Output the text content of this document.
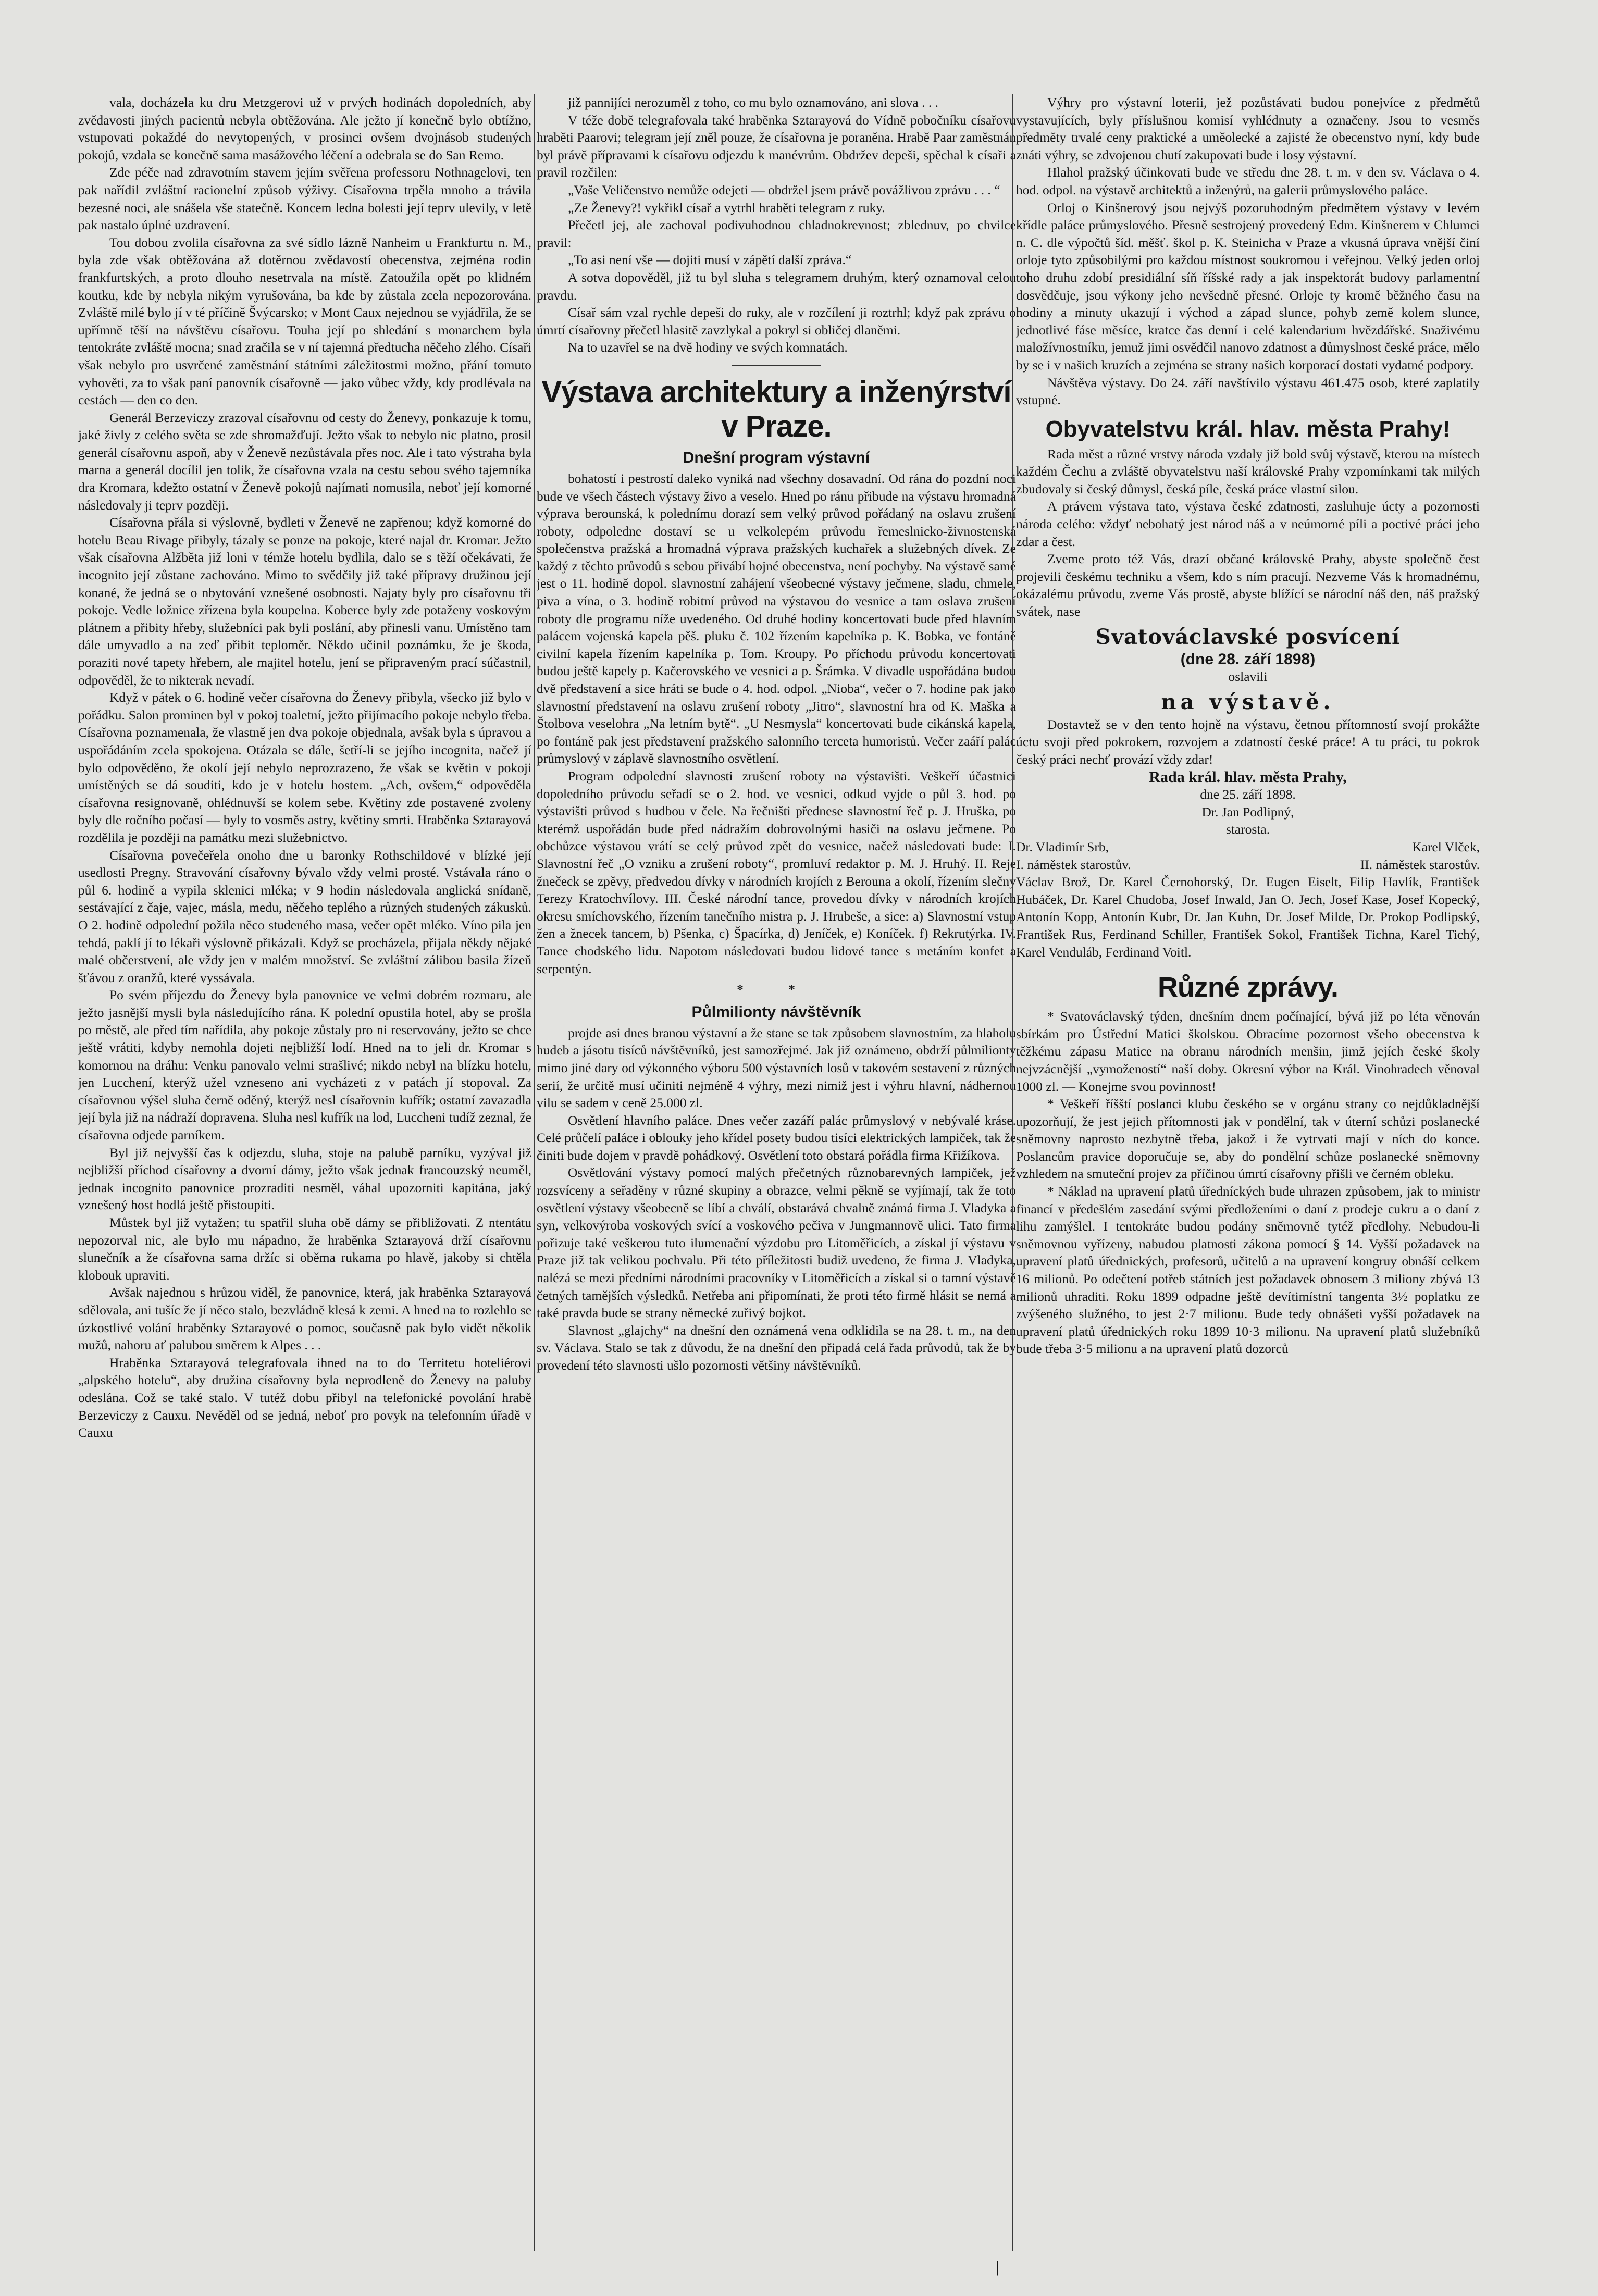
vala, docházela ku dru Metzgerovi už v prvých hodinách dopoledních, aby zvědavosti jiných pacientů nebyla obtěžována. Ale ježto jí konečně bylo obtížno, vstupovati pokaždé do nevytopených, v prosinci ovšem dvojnásob studených pokojů, vzdala se konečně sama masážového léčení a odebrala se do San Remo.

Zde péče nad zdravotním stavem jejím svěřena professoru Nothnagelovi, ten pak nařídil zvláštní racionelní způsob výživy. Císařovna trpěla mnoho a trávila bezesné noci, ale snášela vše statečně. Koncem ledna bolesti její teprv ulevily, v letě pak nastalo úplné uzdravení.

Tou dobou zvolila císařovna za své sídlo lázně Nanheim u Frankfurtu n. M., byla zde však obtěžována až dotěrnou zvědavostí obecenstva, zejména rodin frankfurtských, a proto dlouho nesetrvala na místě. Zatoužila opět po klidném koutku, kde by nebyla nikým vyrušována, ba kde by zůstala zcela nepozorována. Zvláště milé bylo jí v té příčině Švýcarsko; v Mont Caux nejednou se vyjádřila, že se upřímně těší na návštěvu císařovu. Touha její po shledání s monarchem byla tentokráte zvláště mocna; snad zračila se v ní tajemná předtucha něčeho zlého. Císaři však nebylo pro usvrčené zaměstnání státními záležitostmi možno, přání tomuto vyhověti, za to však paní panovník císařovně — jako vůbec vždy, kdy prodlévala na cestách — den co den.

Generál Berzeviczy zrazoval císařovnu od cesty do Ženevy, ponkazuje k tomu, jaké živly z celého světa se zde shromažďují. Ježto však to nebylo nic platno, prosil generál císařovnu aspoň, aby v Ženevě nezůstávala přes noc. Ale i tato výstraha byla marna a generál docílil jen tolik, že císařovna vzala na cestu sebou svého tajemníka dra Kromara, kdežto ostatní v Ženevě pokojů najímati nomusila, neboť její komorné následovaly ji teprv později.

Císařovna přála si výslovně, bydleti v Ženevě ne zapřenou; když komorné do hotelu Beau Rivage přibyly, tázaly se ponze na pokoje, které najal dr. Kromar. Ježto však císařovna Alžběta již loni v témže hotelu bydlila, dalo se s těží očekávati, že incognito její zůstane zachováno. Mimo to svědčily již také přípravy družinou její konané, že jedná se o nbytování vznešené osobnosti. Najaty byly pro císařovnu tři pokoje. Vedle ložnice zřízena byla koupelna. Koberce byly zde potaženy voskovým plátnem a přibity hřeby, služebníci pak byli poslání, aby přinesli vanu. Umístěno tam dále umyvadlo a na zeď přibit teploměr. Někdo učinil poznámku, že je škoda, poraziti nové tapety hřebem, ale majitel hotelu, jení se připraveným prací súčastnil, odpověděl, že to nikterak nevadí.

Když v pátek o 6. hodině večer císařovna do Ženevy přibyla, všecko již bylo v pořádku. Salon prominen byl v pokoj toaletní, ježto přijímacího pokoje nebylo třeba. Císařovna poznamenala, že vlastně jen dva pokoje objednala, avšak byla s úpravou a uspořádáním zcela spokojena. Otázala se dále, šetří-li se jejího incognita, načež jí bylo odpověděno, že okolí její nebylo neprozrazeno, že však se květin v pokoji umístěných se dá souditi, kdo je v hotelu hostem. „Ach, ovšem,“ odpověděla císařovna resignovaně, ohlédnuvší se kolem sebe. Květiny zde postavené zvoleny byly dle ročního počasí — byly to vosměs astry, květiny smrti. Hraběnka Sztarayová rozdělila je později na památku mezi služebnictvo.

Císařovna povečeřela onoho dne u baronky Rothschildové v blízké její usedlosti Pregny. Stravování císařovny bývalo vždy velmi prosté. Vstávala ráno o půl 6. hodině a vypila sklenici mléka; v 9 hodin následovala anglická snídaně, sestávající z čaje, vajec, másla, medu, něčeho teplého a různých studených zákusků. O 2. hodině odpolední požila něco studeného masa, večer opět mléko. Víno pila jen tehdá, paklí jí to lékaři výslovně přikázali. Když se procházela, přijala někdy nějaké malé občerstvení, ale vždy jen v malém množství. Se zvláštní zálibou basila žízeň šťávou z oranžů, které vyssávala.

Po svém příjezdu do Ženevy byla panovnice ve velmi dobrém rozmaru, ale ježto jasnější mysli byla následujícího rána. K polední opustila hotel, aby se prošla po městě, ale před tím nařídila, aby pokoje zůstaly pro ni reservovány, ježto se chce ještě vrátiti, kdyby nemohla dojeti nejbližší lodí. Hned na to jeli dr. Kromar s komornou na dráhu: Venku panovalo velmi strašlivé; nikdo nebyl na blízku hotelu, jen Lucchení, kterýž užel vzneseno ani vycházeti z v patách jí stopoval. Za císařovnou výšel sluha černě oděný, kterýž nesl císařovnin kufřík; ostatní zavazadla její byla již na nádraží dopravena. Sluha nesl kufřík na lod, Luccheni tudíž zeznal, že císařovna odjede parníkem.

Byl již nejvyšší čas k odjezdu, sluha, stoje na palubě parníku, vyzýval již nejbližší příchod císařovny a dvorní dámy, ježto však jednak francouzský neuměl, jednak incognito panovnice prozraditi nesměl, váhal upozorniti kapitána, jaký vznešený host hodlá ještě přistoupiti.

Můstek byl již vytažen; tu spatřil sluha obě dámy se přibližovati. Z ntentátu nepozorval nic, ale bylo mu nápadno, že hraběnka Sztarayová drží císařovnu slunečník a že císařovna sama držíc si oběma rukama po hlavě, jakoby si chtěla klobouk upraviti.

Avšak najednou s hrůzou viděl, že panovnice, která, jak hraběnka Sztarayová sdělovala, ani tušíc že jí něco stalo, bezvládně klesá k zemi. A hned na to rozlehlo se úzkostlivé volání hraběnky Sztarayové o pomoc, současně pak bylo vidět několik mužů, nahoru ať palubou směrem k Alpes . . .

Hraběnka Sztarayová telegrafovala ihned na to do Territetu hoteliérovi „alpského hotelu“, aby družina císařovny byla neprodleně do Ženevy na paluby odeslána. Což se také stalo. V tutéž dobu přibyl na telefonické povolání hrabě Berzeviczy z Cauxu. Nevěděl od se jedná, neboť pro povyk na telefonním úřadě v Cauxu

již pannijíci nerozuměl z toho, co mu bylo oznamováno, ani slova . . .

V téže době telegrafovala také hraběnka Sztarayová do Vídně pobočníku císařovu hraběti Paarovi; telegram její zněl pouze, že císařovna je poraněna. Hrabě Paar zaměstnán byl právě přípravami k císařovu odjezdu k manévrům. Obdržev depeši, spěchal k císaři a pravil rozčilen:

„Vaše Veličenstvo nemůže odejeti — obdržel jsem právě povážlivou zprávu . . . “

„Ze Ženevy?! vykřikl císař a vytrhl hraběti telegram z ruky.

Přečetl jej, ale zachoval podivuhodnou chladnokrevnost; zblednuv, po chvilce pravil:

„To asi není vše — dojiti musí v zápětí další zpráva.“

A sotva dopověděl, již tu byl sluha s telegramem druhým, který oznamoval celou pravdu.

Císař sám vzal rychle depeši do ruky, ale v rozčílení ji roztrhl; když pak zprávu o úmrtí císařovny přečetl hlasitě zavzlykal a pokryl si obličej dlaněmi.

Na to uzavřel se na dvě hodiny ve svých komnatách.

Výstava architektury a inženýrství v Praze.
Dnešní program výstavní

bohatostí i pestrostí daleko vyniká nad všechny dosavadní. Od rána do pozdní noci bude ve všech částech výstavy živo a veselo. Hned po ránu přibude na výstavu hromadná výprava berounská, k polednímu dorazí sem velký průvod pořádaný na oslavu zrušení roboty, odpoledne dostaví se u velkolepém průvodu řemeslnicko-živnostenská společenstva pražská a hromadná výprava pražských kuchařek a služebných dívek. Ze každý z těchto průvodů s sebou přivábí hojné obecenstva, není pochyby. Na výstavě samé jest o 11. hodině dopol. slavnostní zahájení všeobecné výstavy ječmene, sladu, chmele, piva a vína, o 3. hodině robitní průvod na výstavou do vesnice a tam oslava zrušení roboty dle programu níže uvedeného. Od druhé hodiny koncertovati bude před hlavním palácem vojenská kapela pěš. pluku č. 102 řízením kapelníka p. K. Bobka, ve fontáně civilní kapela řízením kapelníka p. Tom. Kroupy. Po příchodu průvodu koncertovati budou ještě kapely p. Kačerovského ve vesnici a p. Šrámka. V divadle uspořádána budou dvě představení a sice hráti se bude o 4. hod. odpol. „Nioba“, večer o 7. hodine pak jako slavnostní představení na oslavu zrušení roboty „Jitro“, slavnostní hra od K. Maška a Štolbova veselohra „Na letním bytě“. „U Nesmysla“ koncertovati bude cikánská kapela, po fontáně pak jest představení pražského salonního terceta humoristů. Večer zaáří palác průmyslový v záplavě slavnostního osvětlení.

Program odpolední slavnosti zrušení roboty na výstavišti. Veškeří účastnici dopoledního průvodu seřadí se o 2. hod. ve vesnici, odkud vyjde o půl 3. hod. po výstavišti průvod s hudbou v čele. Na řečništi přednese slavnostní řeč p. J. Hruška, po kterémž uspořádán bude před nádražím dobrovolnými hasiči na oslavu ječmene. Po obchůzce výstavou vrátí se celý průvod zpět do vesnice, načež následovati bude: I. Slavnostní řeč „O vzniku a zrušení roboty“, promluví redaktor p. M. J. Hruhý. II. Reje žnečeck se zpěvy, předvedou dívky v národních krojích z Berouna a okolí, řízením slečny Terezy Kratochvílovy. III. České národní tance, provedou dívky v národních krojích okresu smíchovského, řízením tanečního mistra p. J. Hrubeše, a sice: a) Slavnostní vstup žen a žnecek tancem, b) Pšenka, c) Špacírka, d) Jeníček, e) Koníček. f) Rekrutýrka. IV. Tance chodského lidu. Napotom následovati budou lidové tance s metáním konfet a serpentýn.

* *
Půlmilionty návštěvník

projde asi dnes branou výstavní a že stane se tak způsobem slavnostním, za hlaholu hudeb a jásotu tisíců návštěvníků, jest samozřejmé. Jak již oznámeno, obdrží půlmilionty mimo jiné dary od výkonného výboru 500 výstavních losů v takovém sestavení z různých serií, že určitě musí učiniti nejméně 4 výhry, mezi nimiž jest i výhru hlavní, nádhernou vilu se sadem v ceně 25.000 zl.

Osvětlení hlavního paláce. Dnes večer zazáří palác průmyslový v nebývalé kráse. Celé průčelí paláce i oblouky jeho křídel posety budou tisíci elektrických lampiček, tak že činiti bude dojem v pravdě pohádkový. Osvětlení toto obstará pořádla firma Křižíkova.

Osvětlování výstavy pomocí malých přečetných různobarevných lampiček, jež rozsvíceny a seřaděny v různé skupiny a obrazce, velmi pěkně se vyjímají, tak že toto osvětlení výstavy všeobecně se líbí a chválí, obstarává chvalně známá firma J. Vladyka a syn, velkovýroba voskových svící a voskového pečiva v Jungmannově ulici. Tato firma pořizuje také veškerou tuto ilumenační výzdobu pro Litoměřicích, a získal jí výstavu v Praze již tak velikou pochvalu. Při této příležitosti budiž uvedeno, že firma J. Vladyka, nalézá se mezi předními národními pracovníky v Litoměřicích a získal si o tamní výstavě četných tamějších výsledků. Netřeba ani připomínati, že proti této firmě hlásit se nemá a také pravda bude se strany německé zuřivý bojkot.

Slavnost „glajchy“ na dnešní den oznámená vena odklidila se na 28. t. m., na den sv. Václava. Stalo se tak z důvodu, že na dnešní den připadá celá řada průvodů, tak že by provedení této slavnosti ušlo pozornosti většiny návštěvníků.

Výhry pro výstavní loterii, jež pozůstávati budou ponejvíce z předmětů vystavujících, byly příslušnou komisí vyhlédnuty a označeny. Jsou to vesměs předměty trvalé ceny praktické a uměolecké a zajisté že obecenstvo nyní, kdy bude znáti výhry, se zdvojenou chutí zakupovati bude i losy výstavní.

Hlahol pražský účinkovati bude ve středu dne 28. t. m. v den sv. Václava o 4. hod. odpol. na výstavě architektů a inženýrů, na galerii průmyslového paláce.

Orloj o Kinšnerový jsou nejvýš pozoruhodným předmětem výstavy v levém křídle paláce průmyslového. Přesně sestrojený provedený Edm. Kinšnerem v Chlumci n. C. dle výpočtů šíd. měšť. škol p. K. Steinicha v Praze a vkusná úprava vnější činí orloje tyto způsobilými pro každou místnost soukromou i veřejnou. Velký jeden orloj toho druhu zdobí presidiální síň říšské rady a jak inspektorát budovy parlamentní dosvědčuje, jsou výkony jeho nevšedně přesné. Orloje ty kromě běžného času na hodiny a minuty ukazují i východ a západ slunce, pohyb země kolem slunce, jednotlivé fáse měsíce, kratce čas denní i celé kalendarium hvězdářské. Snaživému maložívnostníku, jemuž jimi osvědčil nanovo zdatnost a důmyslnost české práce, mělo by se i v našich kruzích a zejména se strany našich korporací dostati vydatné podpory.

Návštěva výstavy. Do 24. září navštívilo výstavu 461.475 osob, které zaplatily vstupné.

Obyvatelstvu král. hlav. města Prahy!

Rada měst a různé vrstvy národa vzdaly již bold svůj výstavě, kterou na místech každém Čechu a zvláště obyvatelstvu naší královské Prahy vzpomínkami tak milých zbudovaly si český důmysl, česká píle, česká práce vlastní silou.

A právem výstava tato, výstava české zdatnosti, zasluhuje úcty a pozornosti národa celého: vždyť nebohatý jest národ náš a v neúmorné píli a poctivé práci jeho zdar a čest.

Zveme proto též Vás, drazí občané královské Prahy, abyste společně čest projevili českému techniku a všem, kdo s ním pracují. Nezveme Vás k hromadnému, okázalému průvodu, zveme Vás prostě, abyste blížící se národní náš den, náš pražský svátek, nase

Svatováclavské posvícení
(dne 28. září 1898)
oslavili
na výstavě.

Dostavtež se v den tento hojně na výstavu, četnou přítomností svojí prokážte úctu svoji před pokrokem, rozvojem a zdatností české práce! A tu práci, tu pokrok český práci nechť provází vždy zdar!

Rada král. hlav. města Prahy,
dne 25. září 1898.
Dr. Jan Podlipný,
starosta.
Dr. Vladimír Srb,	Karel Vlček,
I. náměstek starostův.	II. náměstek starostův.

Václav Brož, Dr. Karel Černohorský, Dr. Eugen Eiselt, Filip Havlík, František Hubáček, Dr. Karel Chudoba, Josef Inwald, Jan O. Jech, Josef Kase, Josef Kopecký, Antonín Kopp, Antonín Kubr, Dr. Jan Kuhn, Dr. Josef Milde, Dr. Prokop Podlipský, František Rus, Ferdinand Schiller, František Sokol, František Tichna, Karel Tichý, Karel Venduláb, Ferdinand Voitl.

Různé zprávy.

* Svatováclavský týden, dnešním dnem počínající, bývá již po léta věnován sbírkám pro Ústřední Matici školskou. Obracíme pozornost všeho obecenstva k těžkému zápasu Matice na obranu národních menšin, jimž jejích české školy nejvzácnější „vymožeností“ naší doby. Okresní výbor na Král. Vinohradech věnoval 1000 zl. — Konejme svou povinnost!

* Veškeří říšští poslanci klubu českého se v orgánu strany co nejdůkladnější upozorňují, že jest jejich přítomnosti jak v pondělní, tak v úterní schůzi poslanecké sněmovny naprosto nezbytně třeba, jakož i že vytrvati mají v ních do konce. Poslancům pravice doporučuje se, aby do pondělní schůze poslanecké sněmovny vzhledem na smuteční projev za příčinou úmrtí císařovny přišli ve černém obleku.

* Náklad na upravení platů úředníckých bude uhrazen způsobem, jak to ministr financí v předešlém zasedání svými předloženími o daní z prodeje cukru a o daní z lihu zamýšlel. I tentokráte budou podány sněmovně tytéž předlohy. Nebudou-li sněmovnou vyřízeny, nabudou platnosti zákona pomocí § 14. Vyšší požadavek na upravení platů úřednických, profesorů, učitelů a na upravení kongruy obnáší celkem 16 milionů. Po odečtení potřeb státních jest požadavek obnosem 3 miliony zbývá 13 milionů uhraditi. Roku 1899 odpadne ještě devítimístní tangenta 3½ poplatku ze zvýšeného služného, to jest 2·7 milionu. Bude tedy obnášeti vyšší požadavek na upravení platů úřednických roku 1899 10·3 milionu. Na upravení platů služebníků bude třeba 3·5 milionu a na upravení platů dozorců

|
